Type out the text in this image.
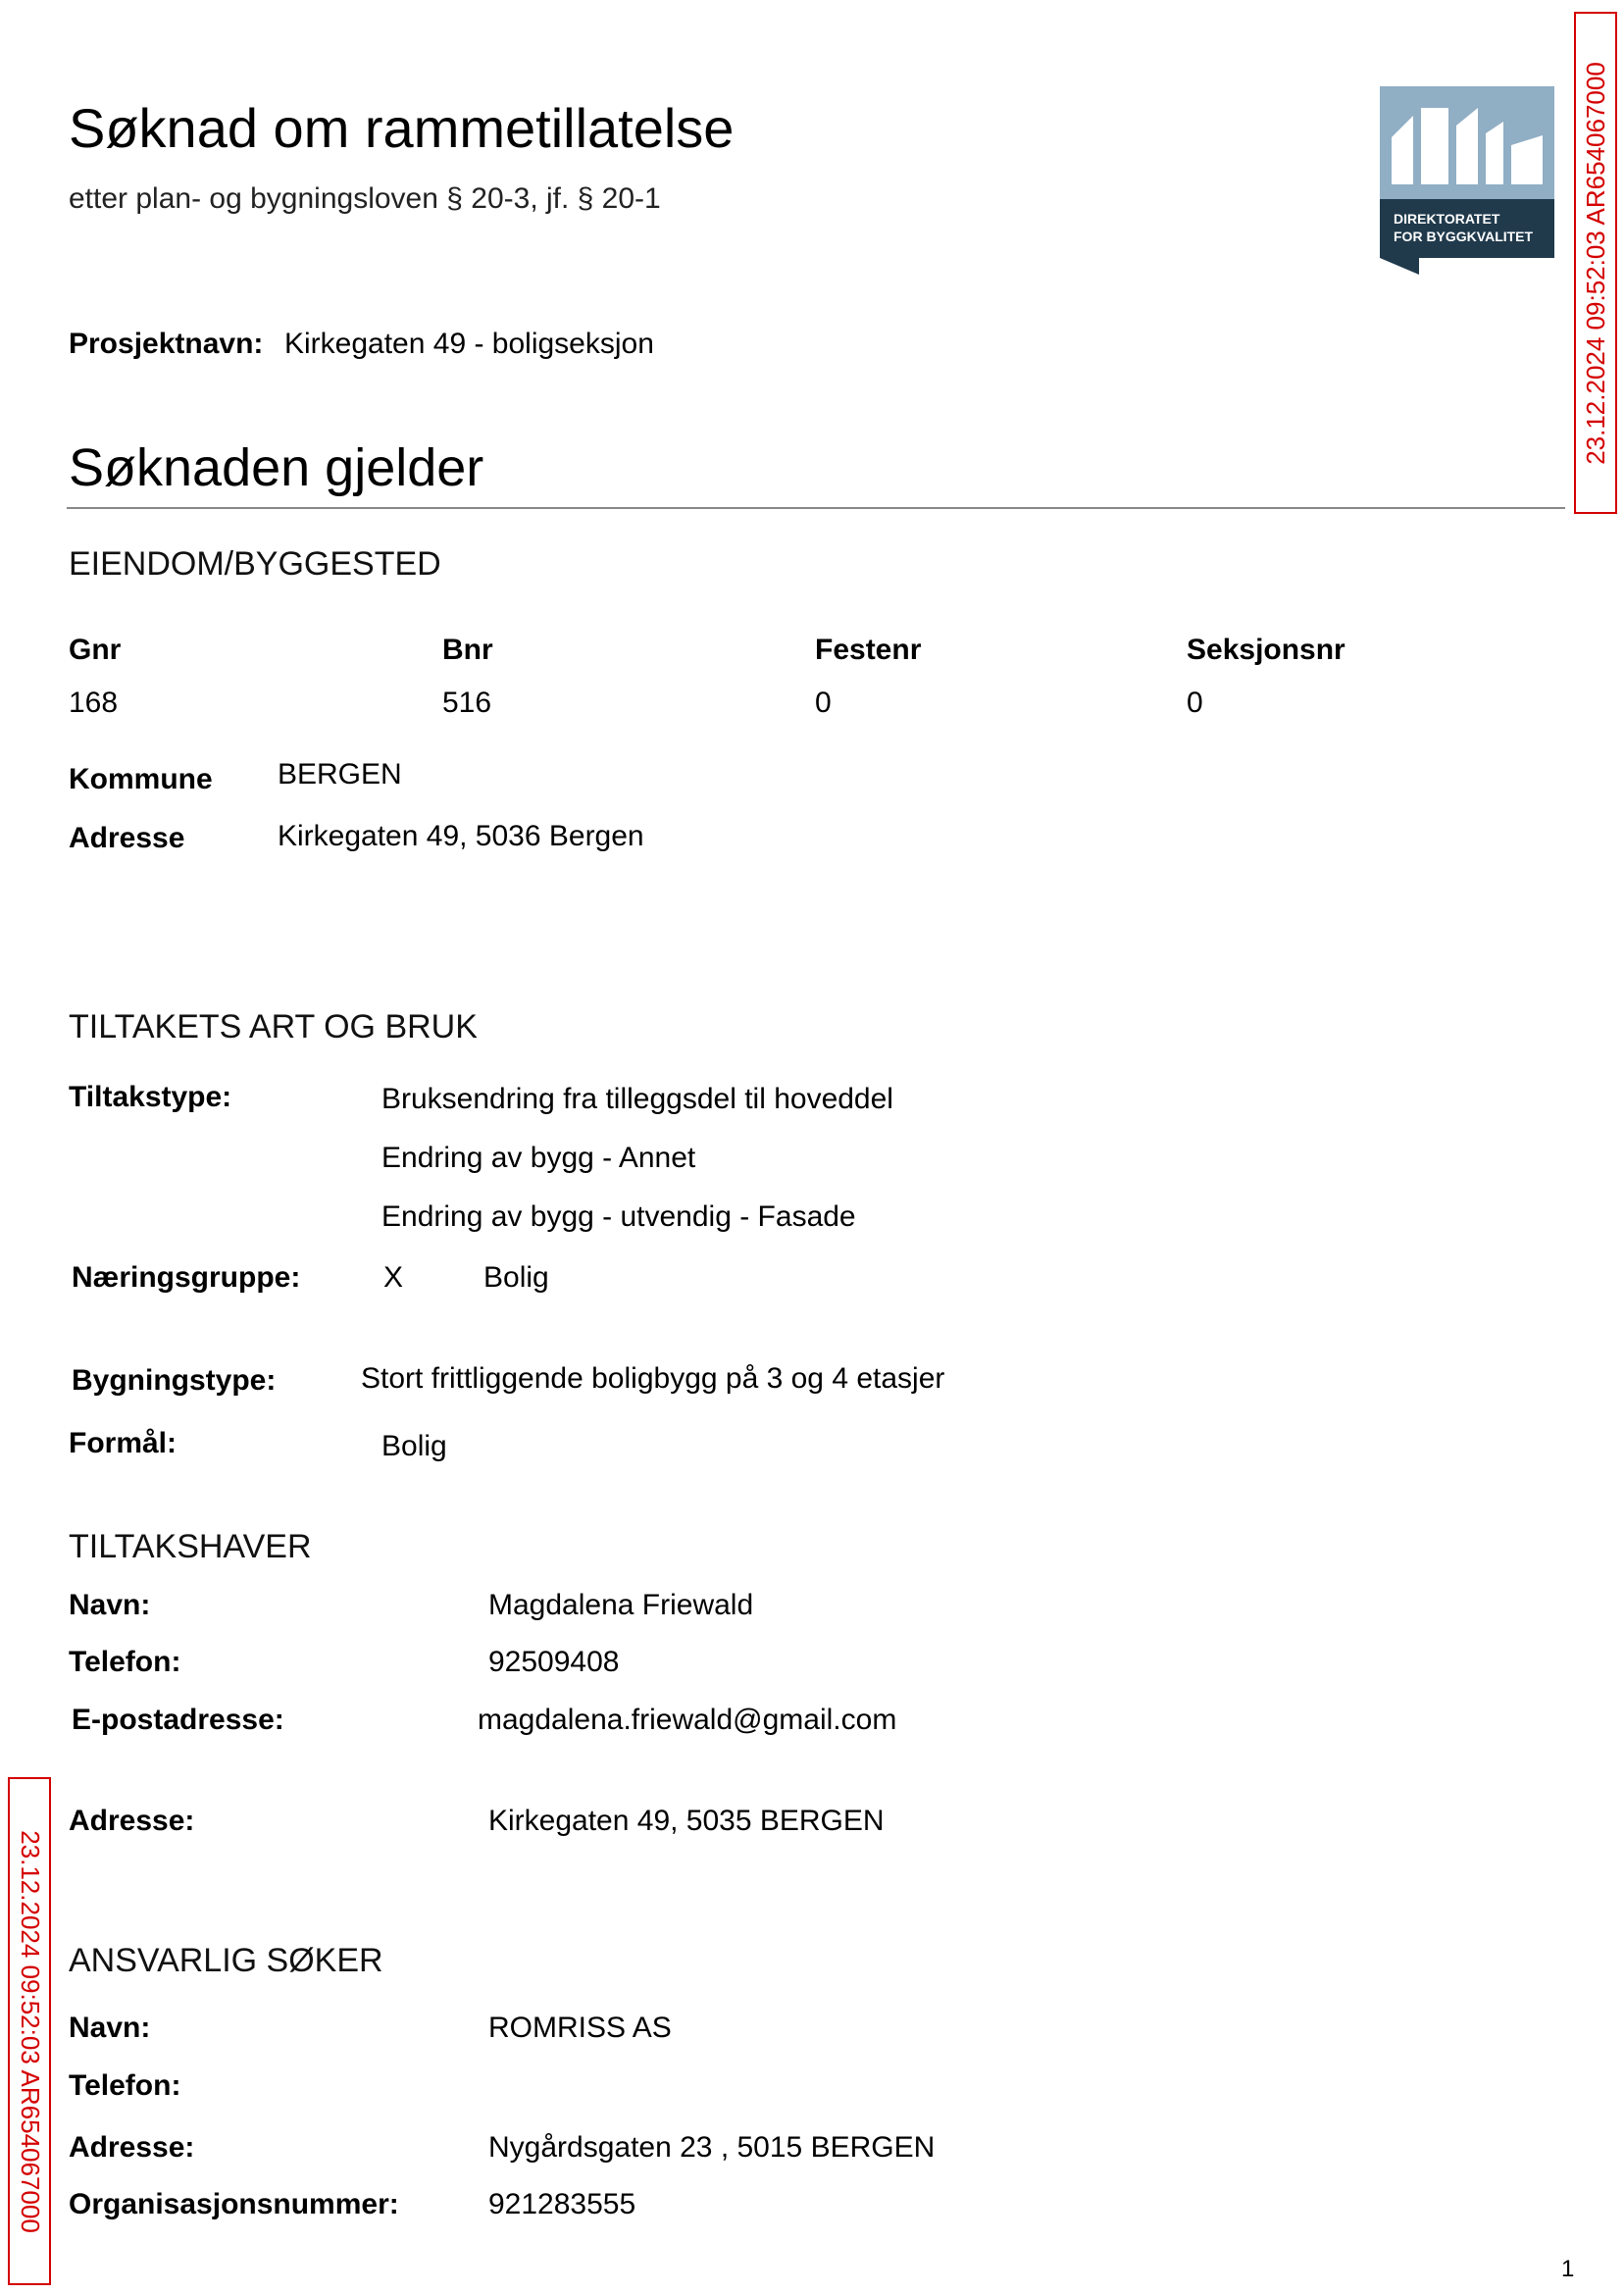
Søknad om rammetillatelse
etter plan- og bygningsloven § 20-3, jf. § 20-1
Prosjektnavn: Kirkegaten 49 - boligseksjon
DIREKTORATET
FOR BYGGKVALITET 23.12.2024 09:52:03 AR654067000
23.12.2024 09:52:03 AR654067000
Søknaden gjelder
EIENDOM/BYGGESTED
Gnr	Bnr	Festenr	Seksjonsnr
168	516	0	0
Kommune BERGEN
Adresse	Kirkegaten 49, 5036 Bergen
TILTAKETS ART OG BRUK
Tiltakstype:	Bruksendring fra tilleggsdel til hoveddel
Endring av bygg - Annet
Endring av bygg - utvendig - Fasade
Næringsgruppe:	X	Bolig
Bygningstype:	Stort frittliggende boligbygg på 3 og 4 etasjer
Formål:	Bolig
TILTAKSHAVER
Navn:	Magdalena Friewald
Telefon:	92509408
E-postadresse:	magdalena.friewald@gmail.com
Adresse:	Kirkegaten 49, 5035 BERGEN
ANSVARLIG SØKER
Navn:	ROMRISS AS
Telefon:
Adresse:	Nygårdsgaten 23 , 5015 BERGEN
Organisasjonsnummer:	921283555
1
